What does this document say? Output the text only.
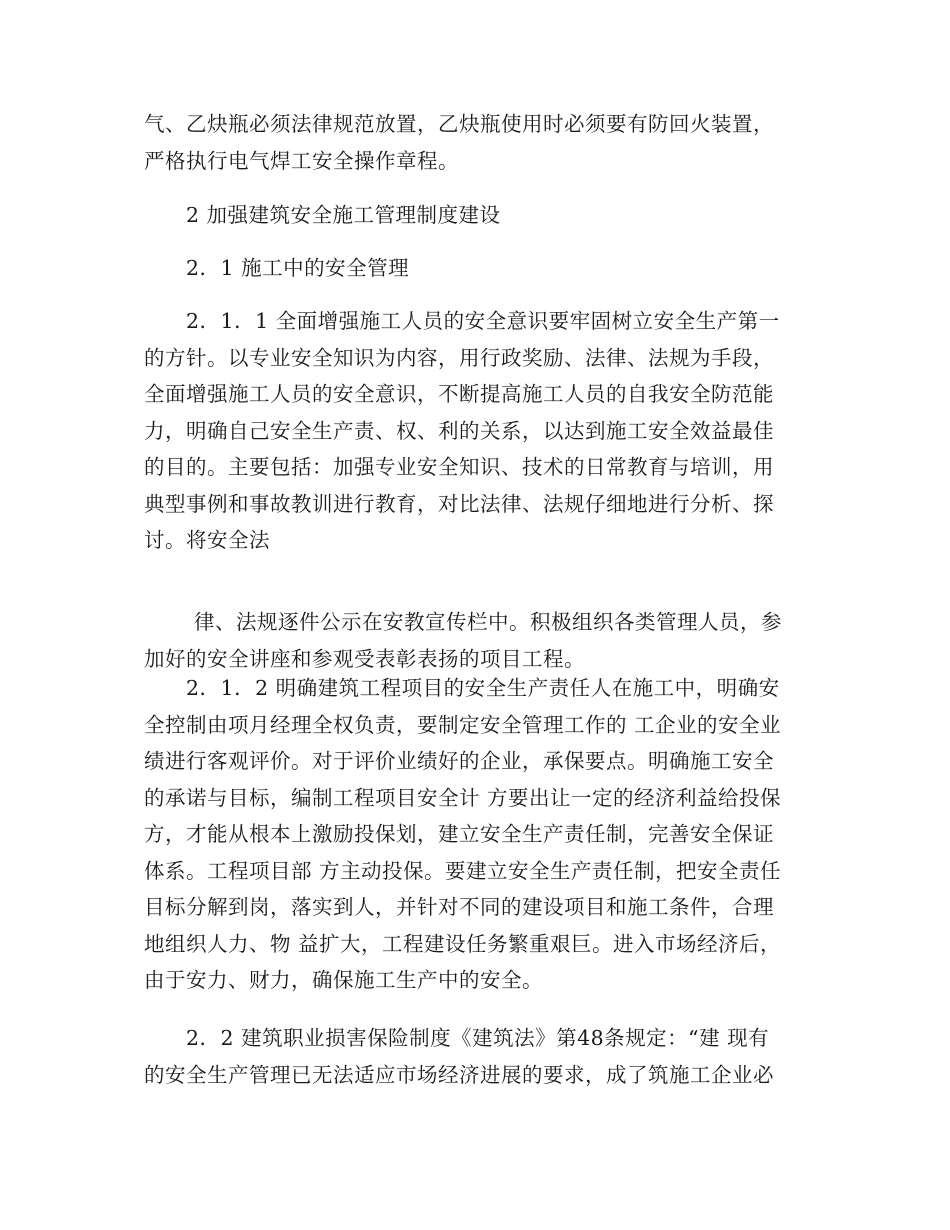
气、乙炔瓶必须法律规范放置，乙炔瓶使用时必须要有防回火装置，
严格执行电气焊工安全操作章程。

2 加强建筑安全施工管理制度建设

2．1 施工中的安全管理

2．1．1 全面增强施工人员的安全意识要牢固树立安全生产第一
的方针。以专业安全知识为内容，用行政奖励、法律、法规为手段，
全面增强施工人员的安全意识，不断提高施工人员的自我安全防范能
力，明确自己安全生产责、权、利的关系，以达到施工安全效益最佳
的目的。主要包括：加强专业安全知识、技术的日常教育与培训，用
典型事例和事故教训进行教育，对比法律、法规仔细地进行分析、探
讨。将安全法

律、法规逐件公示在安教宣传栏中。积极组织各类管理人员，参
加好的安全讲座和参观受表彰表扬的项目工程。

2．1．2 明确建筑工程项目的安全生产责任人在施工中，明确安
全控制由项月经理全权负责，要制定安全管理工作的 工企业的安全业
绩进行客观评价。对于评价业绩好的企业，承保要点。明确施工安全
的承诺与目标，编制工程项目安全计 方要出让一定的经济利益给投保
方，才能从根本上激励投保划，建立安全生产责任制，完善安全保证
体系。工程项目部 方主动投保。要建立安全生产责任制，把安全责任
目标分解到岗，落实到人，并针对不同的建设项目和施工条件，合理
地组织人力、物 益扩大，工程建设任务繁重艰巨。进入市场经济后，
由于安力、财力，确保施工生产中的安全。

2．2 建筑职业损害保险制度《建筑法》第48条规定：“建 现有
的安全生产管理已无法适应市场经济进展的要求，成了筑施工企业必
